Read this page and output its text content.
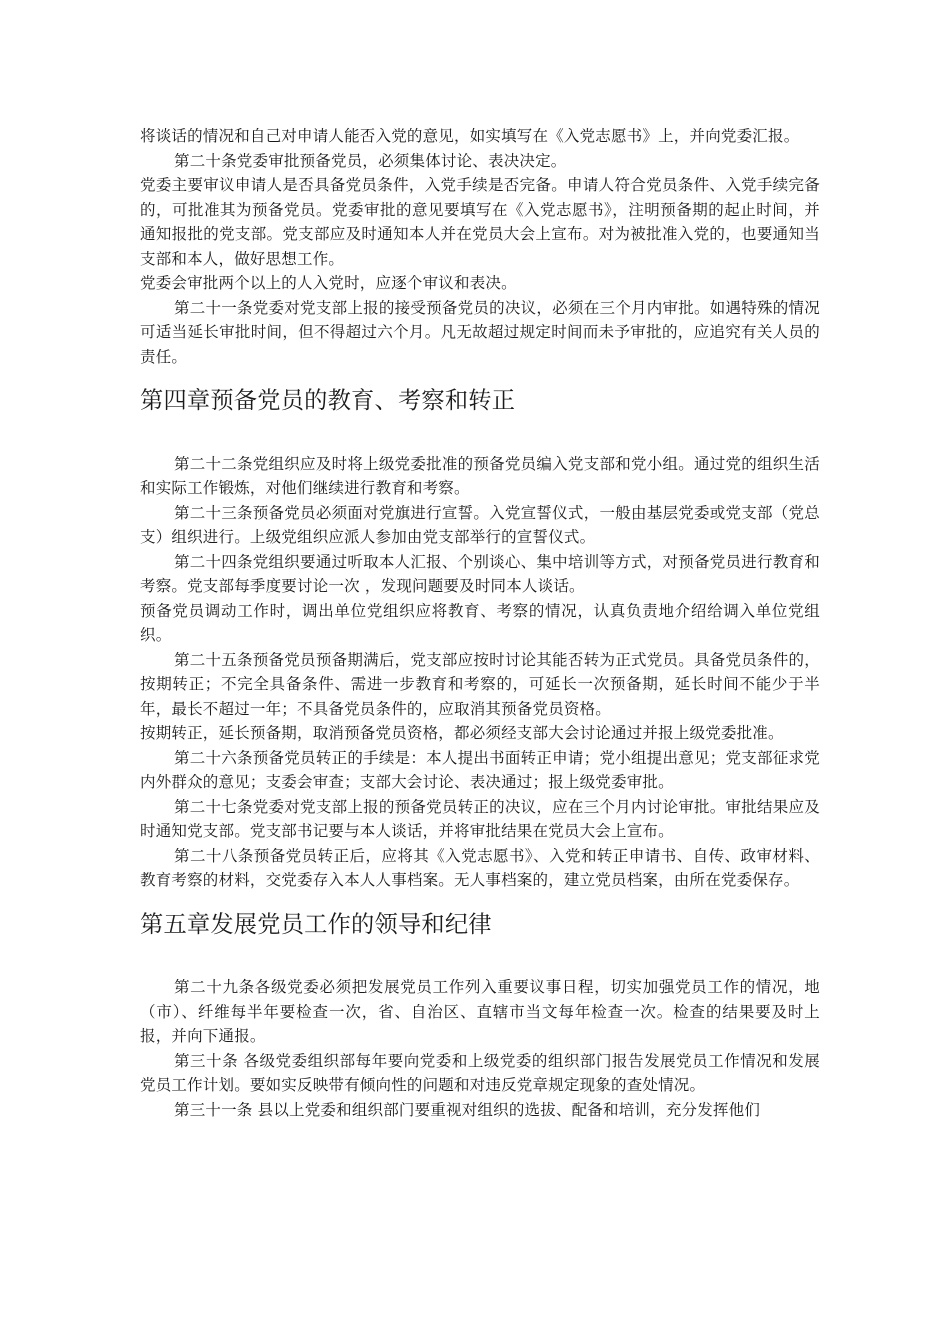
将谈话的情况和自己对申请人能否入党的意见，如实填写在《入党志愿书》上，并向党委汇报。

第二十条党委审批预备党员，必须集体讨论、表决决定。

党委主要审议申请人是否具备党员条件，入党手续是否完备。申请人符合党员条件、入党手续完备的，可批准其为预备党员。党委审批的意见要填写在《入党志愿书》，注明预备期的起止时间，并通知报批的党支部。党支部应及时通知本人并在党员大会上宣布。对为被批准入党的，也要通知当支部和本人，做好思想工作。

党委会审批两个以上的人入党时，应逐个审议和表决。

第二十一条党委对党支部上报的接受预备党员的决议，必须在三个月内审批。如遇特殊的情况可适当延长审批时间，但不得超过六个月。凡无故超过规定时间而未予审批的，应追究有关人员的责任。

第四章预备党员的教育、考察和转正

第二十二条党组织应及时将上级党委批准的预备党员编入党支部和党小组。通过党的组织生活和实际工作锻炼，对他们继续进行教育和考察。

第二十三条预备党员必须面对党旗进行宣誓。入党宣誓仪式，一般由基层党委或党支部（党总支）组织进行。上级党组织应派人参加由党支部举行的宣誓仪式。

第二十四条党组织要通过听取本人汇报、个别谈心、集中培训等方式，对预备党员进行教育和考察。党支部每季度要讨论一次 ，发现问题要及时同本人谈话。

预备党员调动工作时，调出单位党组织应将教育、考察的情况，认真负责地介绍给调入单位党组织。

第二十五条预备党员预备期满后，党支部应按时讨论其能否转为正式党员。具备党员条件的，按期转正；不完全具备条件、需进一步教育和考察的，可延长一次预备期，延长时间不能少于半年，最长不超过一年；不具备党员条件的，应取消其预备党员资格。

按期转正，延长预备期，取消预备党员资格，都必须经支部大会讨论通过并报上级党委批准。

第二十六条预备党员转正的手续是：本人提出书面转正申请；党小组提出意见；党支部征求党内外群众的意见；支委会审查；支部大会讨论、表决通过；报上级党委审批。

第二十七条党委对党支部上报的预备党员转正的决议，应在三个月内讨论审批。审批结果应及时通知党支部。党支部书记要与本人谈话，并将审批结果在党员大会上宣布。

第二十八条预备党员转正后，应将其《入党志愿书》、入党和转正申请书、自传、政审材料、教育考察的材料，交党委存入本人人事档案。无人事档案的，建立党员档案，由所在党委保存。

第五章发展党员工作的领导和纪律

第二十九条各级党委必须把发展党员工作列入重要议事日程，切实加强党员工作的情况，地（市）、纤维每半年要检查一次，省、自治区、直辖市当文每年检查一次。检查的结果要及时上报，并向下通报。

第三十条 各级党委组织部每年要向党委和上级党委的组织部门报告发展党员工作情况和发展党员工作计划。要如实反映带有倾向性的问题和对违反党章规定现象的查处情况。

第三十一条 县以上党委和组织部门要重视对组织的选拔、配备和培训，充分发挥他们
